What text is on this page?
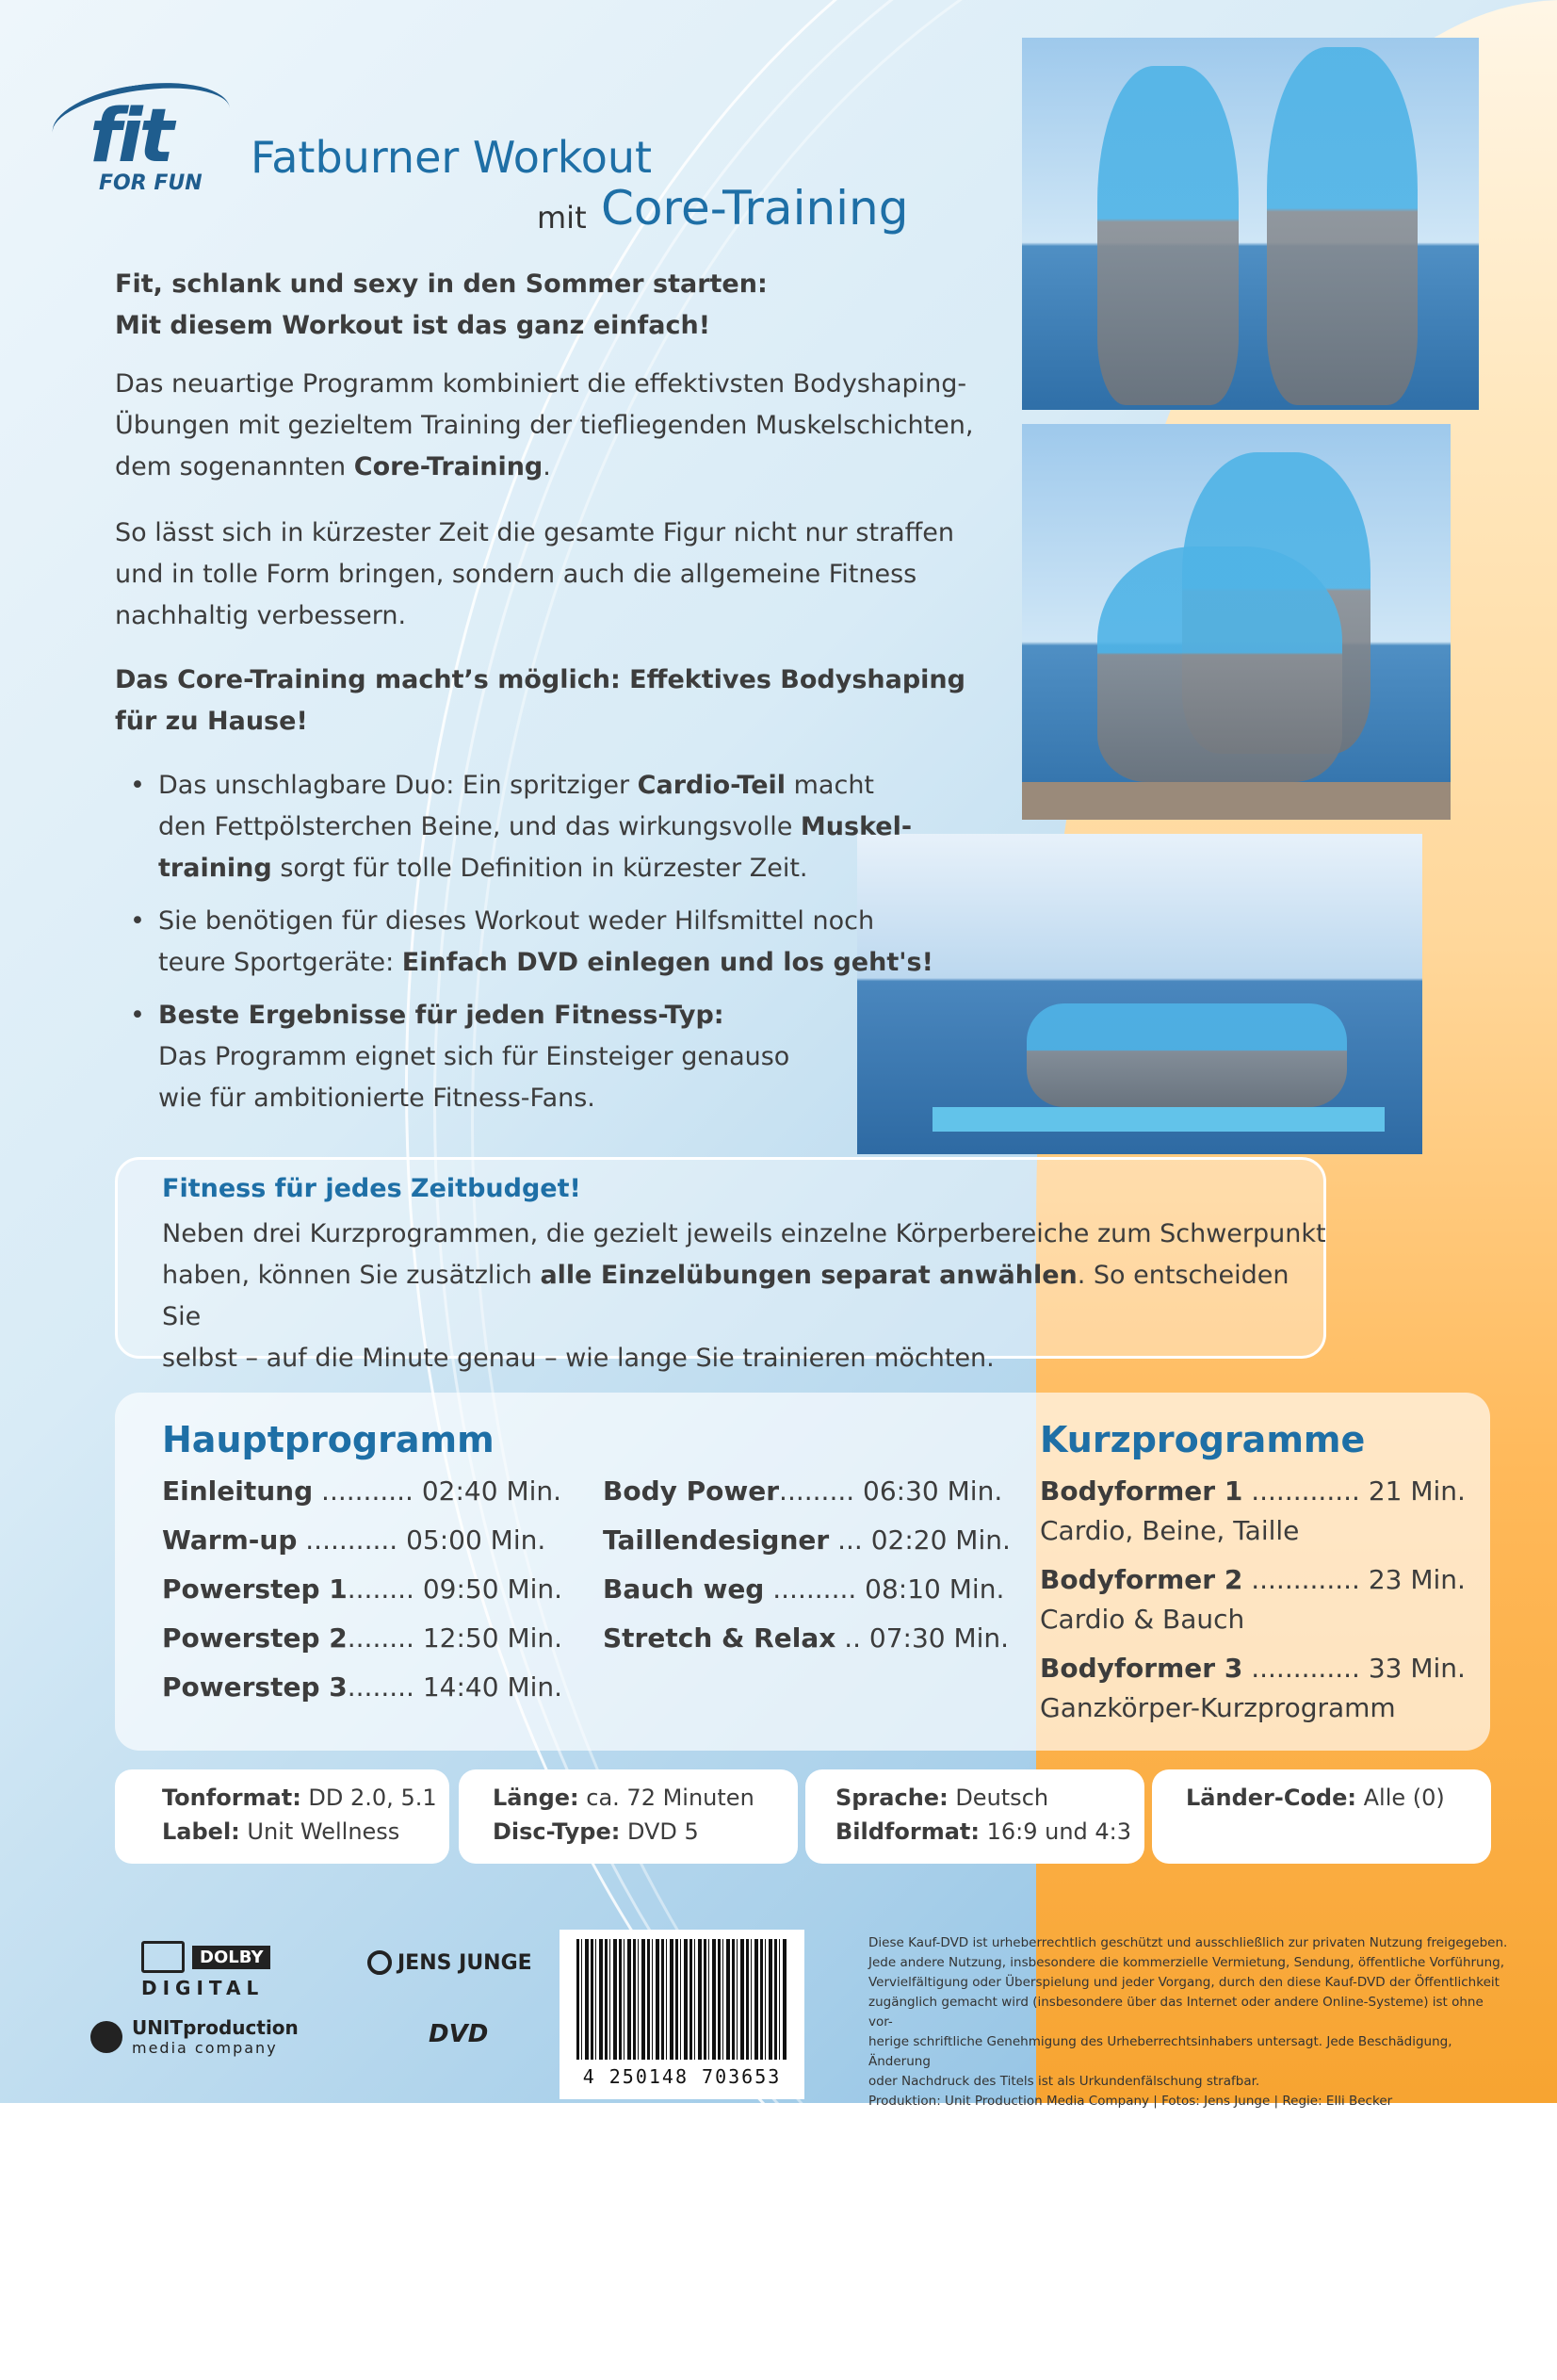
fit
FOR FUN
Fatburner Workout
mit Core-Training
Fit, schlank und sexy in den Sommer starten:
Mit diesem Workout ist das ganz einfach!
Das neuartige Programm kombiniert die effektivsten Bodyshaping-
Übungen mit gezieltem Training der tiefliegenden Muskelschichten,
dem sogenannten Core-Training.
So lässt sich in kürzester Zeit die gesamte Figur nicht nur straffen
und in tolle Form bringen, sondern auch die allgemeine Fitness
nachhaltig verbessern.
Das Core-Training macht’s möglich: Effektives Bodyshaping
für zu Hause!
• Das unschlagbare Duo: Ein spritziger Cardio-Teil macht
den Fettpölsterchen Beine, und das wirkungsvolle Muskel-
training sorgt für tolle Definition in kürzester Zeit.
• Sie benötigen für dieses Workout weder Hilfsmittel noch
teure Sportgeräte: Einfach DVD einlegen und los geht's!
• Beste Ergebnisse für jeden Fitness-Typ:
Das Programm eignet sich für Einsteiger genauso
wie für ambitionierte Fitness-Fans.
Fitness für jedes Zeitbudget!
Neben drei Kurzprogrammen, die gezielt jeweils einzelne Körperbereiche zum Schwerpunkt
haben, können Sie zusätzlich alle Einzelübungen separat anwählen. So entscheiden Sie
selbst – auf die Minute genau – wie lange Sie trainieren möchten.
Hauptprogramm	Kurzprogramme
Einleitung ........... 02:40 Min.
Warm-up ........... 05:00 Min.
Powerstep 1........ 09:50 Min.
Powerstep 2........ 12:50 Min.
Powerstep 3........ 14:40 Min.
Body Power......... 06:30 Min.
Taillendesigner ... 02:20 Min.
Bauch weg .......... 08:10 Min.
Stretch & Relax .. 07:30 Min.
Bodyformer 1 ............. 21 Min.
Cardio, Beine, Taille
Bodyformer 2 ............. 23 Min.
Cardio & Bauch
Bodyformer 3 ............. 33 Min.
Ganzkörper-Kurzprogramm
Tonformat: DD 2.0, 5.1
Label: Unit Wellness
Länge: ca. 72 Minuten
Disc-Type: DVD 5
Sprache: Deutsch
Bildformat: 16:9 und 4:3
Länder-Code: Alle (0)
DOLBY
DIGITAL
JENS JUNGE
UNITproduction
media company	DVD
4 250148 703653
Diese Kauf-DVD ist urheberrechtlich geschützt und ausschließlich zur privaten Nutzung freigegeben.
Jede andere Nutzung, insbesondere die kommerzielle Vermietung, Sendung, öffentliche Vorführung,
Vervielfältigung oder Überspielung und jeder Vorgang, durch den diese Kauf-DVD der Öffentlichkeit
zugänglich gemacht wird (insbesondere über das Internet oder andere Online-Systeme) ist ohne vor-
herige schriftliche Genehmigung des Urheberrechtsinhabers untersagt. Jede Beschädigung, Änderung
oder Nachdruck des Titels ist als Urkundenfälschung strafbar.
Produktion: Unit Production Media Company | Fotos: Jens Junge | Regie: Elli Becker
